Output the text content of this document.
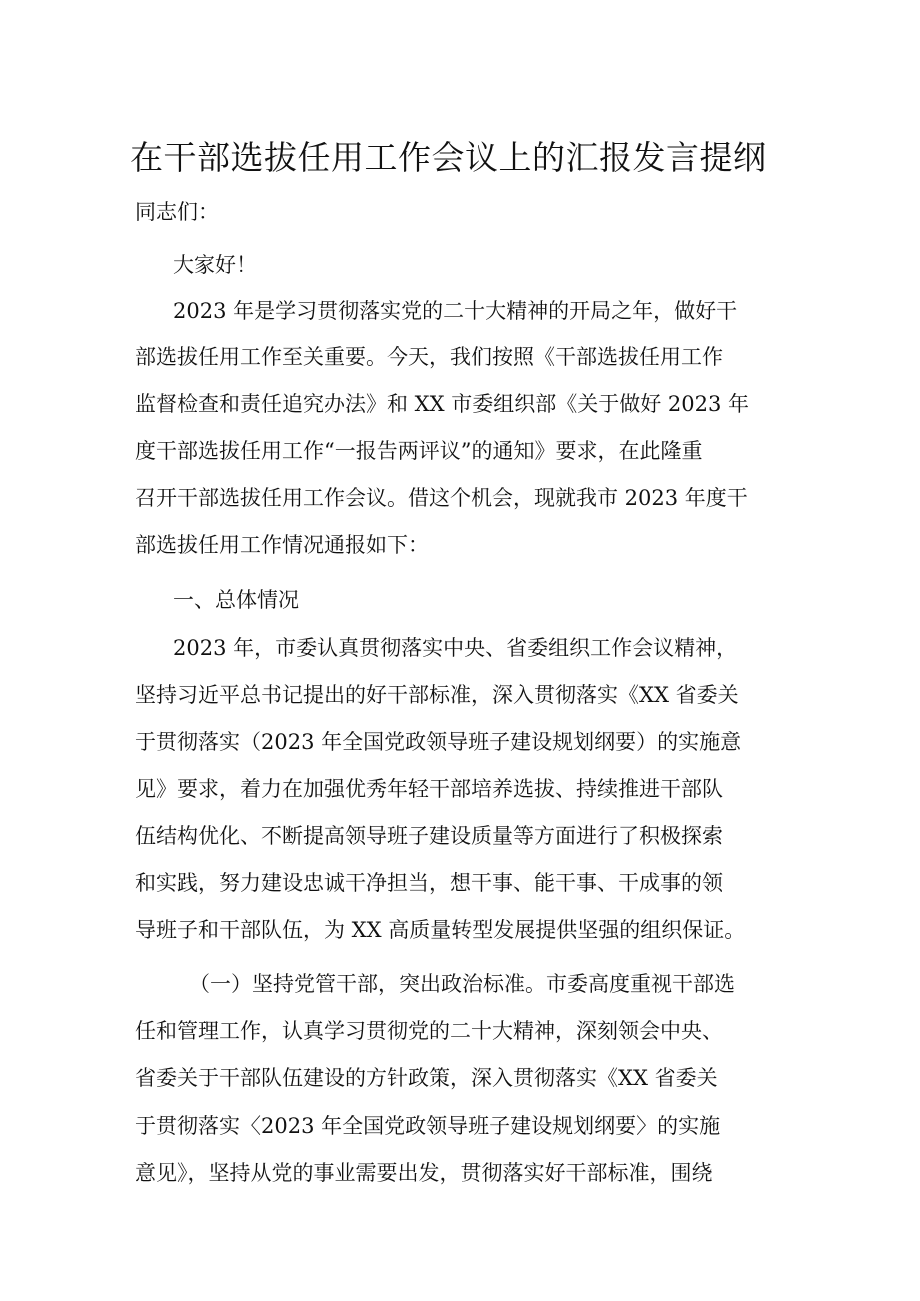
在干部选拔任用工作会议上的汇报发言提纲
同志们：
大家好！
2023 年是学习贯彻落实党的二十大精神的开局之年，做好干
部选拔任用工作至关重要。今天，我们按照《干部选拔任用工作
监督检查和责任追究办法》和 XX 市委组织部《关于做好 2023 年
度干部选拔任用工作“一报告两评议”的通知》要求，在此隆重
召开干部选拔任用工作会议。借这个机会，现就我市 2023 年度干
部选拔任用工作情况通报如下：
一、总体情况
2023 年，市委认真贯彻落实中央、省委组织工作会议精神，
坚持习近平总书记提出的好干部标准，深入贯彻落实《XX 省委关
于贯彻落实（2023 年全国党政领导班子建设规划纲要）的实施意
见》要求，着力在加强优秀年轻干部培养选拔、持续推进干部队
伍结构优化、不断提高领导班子建设质量等方面进行了积极探索
和实践，努力建设忠诚干净担当，想干事、能干事、干成事的领
导班子和干部队伍，为 XX 高质量转型发展提供坚强的组织保证。
（一）坚持党管干部，突出政治标准。市委高度重视干部选
任和管理工作，认真学习贯彻党的二十大精神，深刻领会中央、
省委关于干部队伍建设的方针政策，深入贯彻落实《XX 省委关
于贯彻落实〈2023 年全国党政领导班子建设规划纲要〉的实施
意见》，坚持从党的事业需要出发，贯彻落实好干部标准，围绕
